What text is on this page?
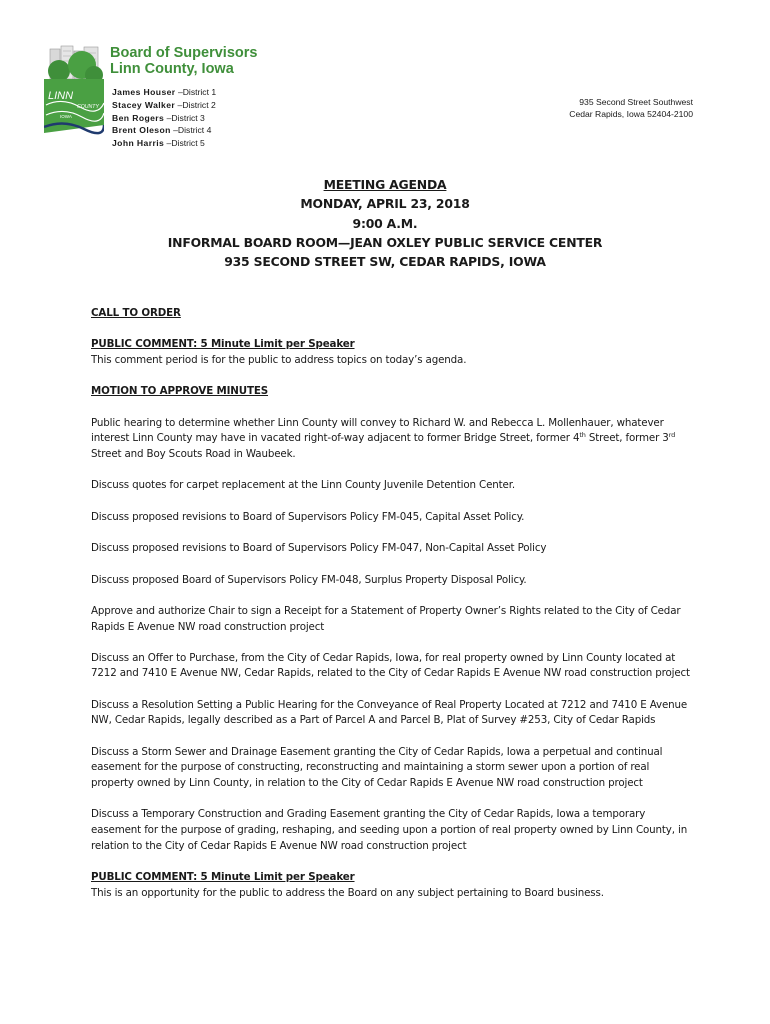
LINN
COUNTY
IOWA
Board of Supervisors
Linn County, Iowa
James Houser –District 1
Stacey Walker –District 2
Ben Rogers –District 3
Brent Oleson –District 4
John Harris –District 5
935 Second Street Southwest
Cedar Rapids, Iowa 52404-2100
MEETING AGENDA
MONDAY, APRIL 23, 2018
9:00 A.M.
INFORMAL BOARD ROOM—JEAN OXLEY PUBLIC SERVICE CENTER
935 SECOND STREET SW, CEDAR RAPIDS, IOWA
CALL TO ORDER
PUBLIC COMMENT: 5 Minute Limit per Speaker
This comment period is for the public to address topics on today’s agenda.
MOTION TO APPROVE MINUTES
Public hearing to determine whether Linn County will convey to Richard W. and Rebecca L. Mollenhauer, whatever interest Linn County may have in vacated right-of-way adjacent to former Bridge Street, former 4th Street, former 3rd Street and Boy Scouts Road in Waubeek.
Discuss quotes for carpet replacement at the Linn County Juvenile Detention Center.
Discuss proposed revisions to Board of Supervisors Policy FM-045, Capital Asset Policy.
Discuss proposed revisions to Board of Supervisors Policy FM-047, Non-Capital Asset Policy
Discuss proposed Board of Supervisors Policy FM-048, Surplus Property Disposal Policy.
Approve and authorize Chair to sign a Receipt for a Statement of Property Owner’s Rights related to the City of Cedar Rapids E Avenue NW road construction project
Discuss an Offer to Purchase, from the City of Cedar Rapids, Iowa, for real property owned by Linn County located at 7212 and 7410 E Avenue NW, Cedar Rapids, related to the City of Cedar Rapids E Avenue NW road construction project
Discuss a Resolution Setting a Public Hearing for the Conveyance of Real Property Located at 7212 and 7410 E Avenue NW, Cedar Rapids, legally described as a Part of Parcel A and Parcel B, Plat of Survey #253, City of Cedar Rapids
Discuss a Storm Sewer and Drainage Easement granting the City of Cedar Rapids, Iowa a perpetual and continual easement for the purpose of constructing, reconstructing and maintaining a storm sewer upon a portion of real property owned by Linn County, in relation to the City of Cedar Rapids E Avenue NW road construction project
Discuss a Temporary Construction and Grading Easement granting the City of Cedar Rapids, Iowa a temporary easement for the purpose of grading, reshaping, and seeding upon a portion of real property owned by Linn County, in relation to the City of Cedar Rapids E Avenue NW road construction project
PUBLIC COMMENT: 5 Minute Limit per Speaker
This is an opportunity for the public to address the Board on any subject pertaining to Board business.
